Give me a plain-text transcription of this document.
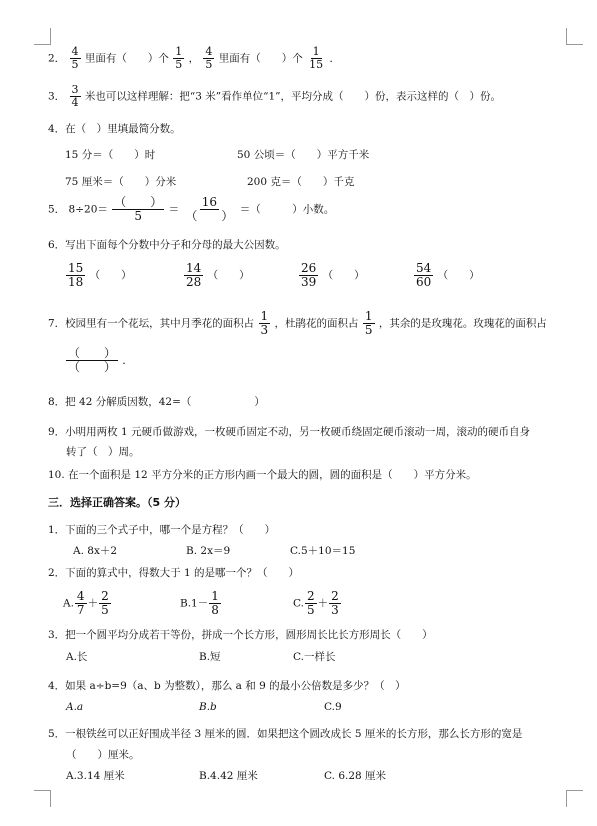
2． $\frac{4}{5}$ 里面有（　　）个 $\frac{1}{5}$ ， $\frac{4}{5}$ 里面有（　　）个 $\frac{1}{15}$ ．
3． $\frac{3}{4}$ 米也可以这样理解：把“3 米”看作单位“1”，平均分成（　　）份，表示这样的（　）份。
4．在（　）里填最简分数。
15 分＝（　　）时	50 公顷＝（　　）平方千米
75 厘米＝（　　）分米	200 克＝（　　）千克
5． $8\div 20= \frac{( )}{5} = \frac{16}{( )}$ ＝（　　　）小数。
6．写出下面每个分数中分子和分母的最大公因数。
$\frac{15}{18}$ （　　）	$\frac{14}{28}$ （　　）	$\frac{26}{39}$ （　　）	$\frac{54}{60}$ （　　）
7．校园里有一个花坛，其中月季花的面积占 $\frac{1}{3}$ ，杜鹃花的面积占 $\frac{1}{5}$ ，其余的是玫瑰花。玫瑰花的面积占
$\frac{( )}{( )}$ ．
8．把 42 分解质因数，42=（　　　　　　）
9．小明用两枚 1 元硬币做游戏，一枚硬币固定不动，另一枚硬币绕固定硬币滚动一周，滚动的硬币自身
转了（　）周。
10. 在一个面积是 12 平方分米的正方形内画一个最大的圆，圆的面积是（　　）平方分米。
三．选择正确答案。（5 分）
1．下面的三个式子中，哪一个是方程？（　　）
A. 8x＋2	B. 2x＝9	C.5＋10＝15
2．下面的算式中，得数大于 1 的是哪一个？（　　）
A. $\frac{4}{7} + \frac{2}{5}$	$B.1- \frac{1}{8}$	C. $\frac{2}{5} + \frac{2}{3}$
3．把一个圆平均分成若干等份，拼成一个长方形，圆形周长比长方形周长（　　）
A.长	B.短	C.一样长
4．如果 a÷b=9（a、b 为整数），那么 a 和 9 的最小公倍数是多少？（　）
A.a	B.b	C.9
5．一根铁丝可以正好围成半径 3 厘米的圆．如果把这个圆改成长 5 厘米的长方形，那么长方形的宽是
（　　）厘米。
A.3.14 厘米	B.4.42 厘米	C. 6.28 厘米
